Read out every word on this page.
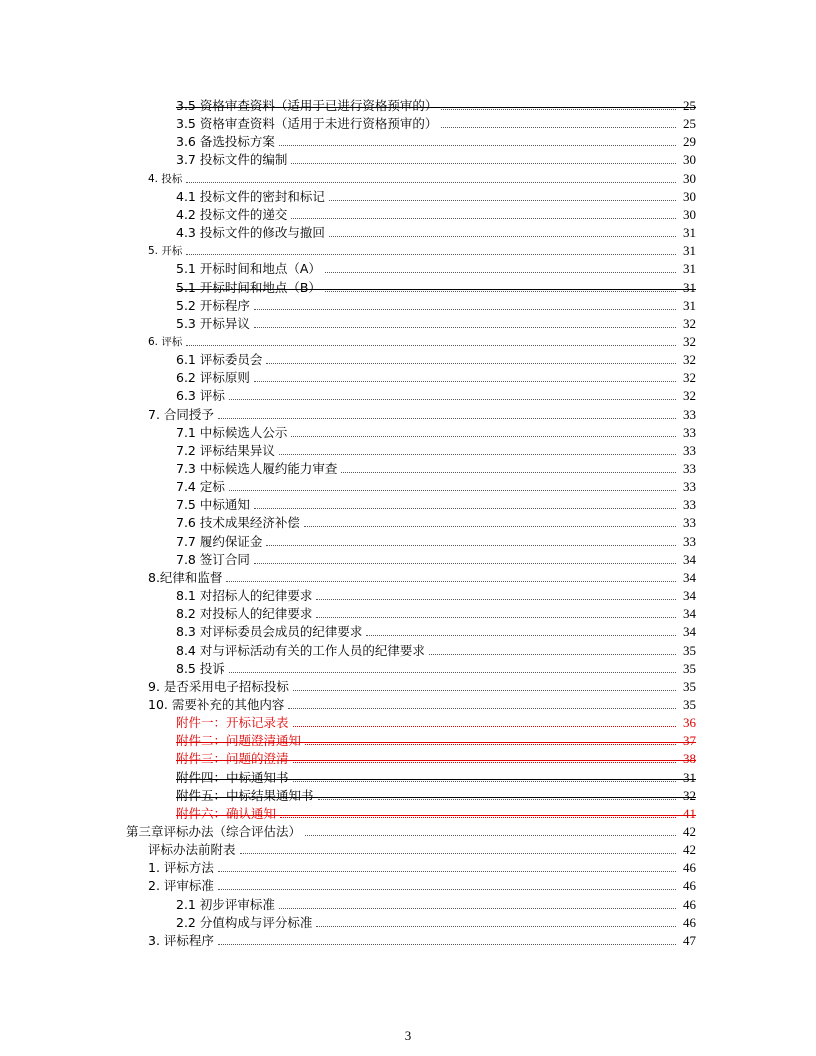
3.5 资格审查资料（适用于已进行资格预审的）	25
3.5 资格审查资料（适用于未进行资格预审的）	25
3.6 备选投标方案	29
3.7 投标文件的编制	30
4. 投标	30
4.1 投标文件的密封和标记	30
4.2 投标文件的递交	30
4.3 投标文件的修改与撤回	31
5. 开标	31
5.1 开标时间和地点（A）	31
5.1 开标时间和地点（B）	31
5.2 开标程序	31
5.3 开标异议	32
6. 评标	32
6.1 评标委员会	32
6.2 评标原则	32
6.3 评标	32
7. 合同授予	33
7.1 中标候选人公示	33
7.2 评标结果异议	33
7.3 中标候选人履约能力审查	33
7.4 定标	33
7.5 中标通知	33
7.6 技术成果经济补偿	33
7.7 履约保证金	33
7.8 签订合同	34
8.纪律和监督	34
8.1 对招标人的纪律要求	34
8.2 对投标人的纪律要求	34
8.3 对评标委员会成员的纪律要求	34
8.4 对与评标活动有关的工作人员的纪律要求	35
8.5 投诉	35
9. 是否采用电子招标投标	35
10. 需要补充的其他内容	35
附件一：开标记录表	36
附件二：问题澄清通知	37
附件三：问题的澄清	38
附件四：中标通知书	31
附件五：中标结果通知书	32
附件六：确认通知	41
第三章评标办法（综合评估法）	42
评标办法前附表	42
1. 评标方法	46
2. 评审标准	46
2.1 初步评审标准	46
2.2 分值构成与评分标准	46
3. 评标程序	47
3
